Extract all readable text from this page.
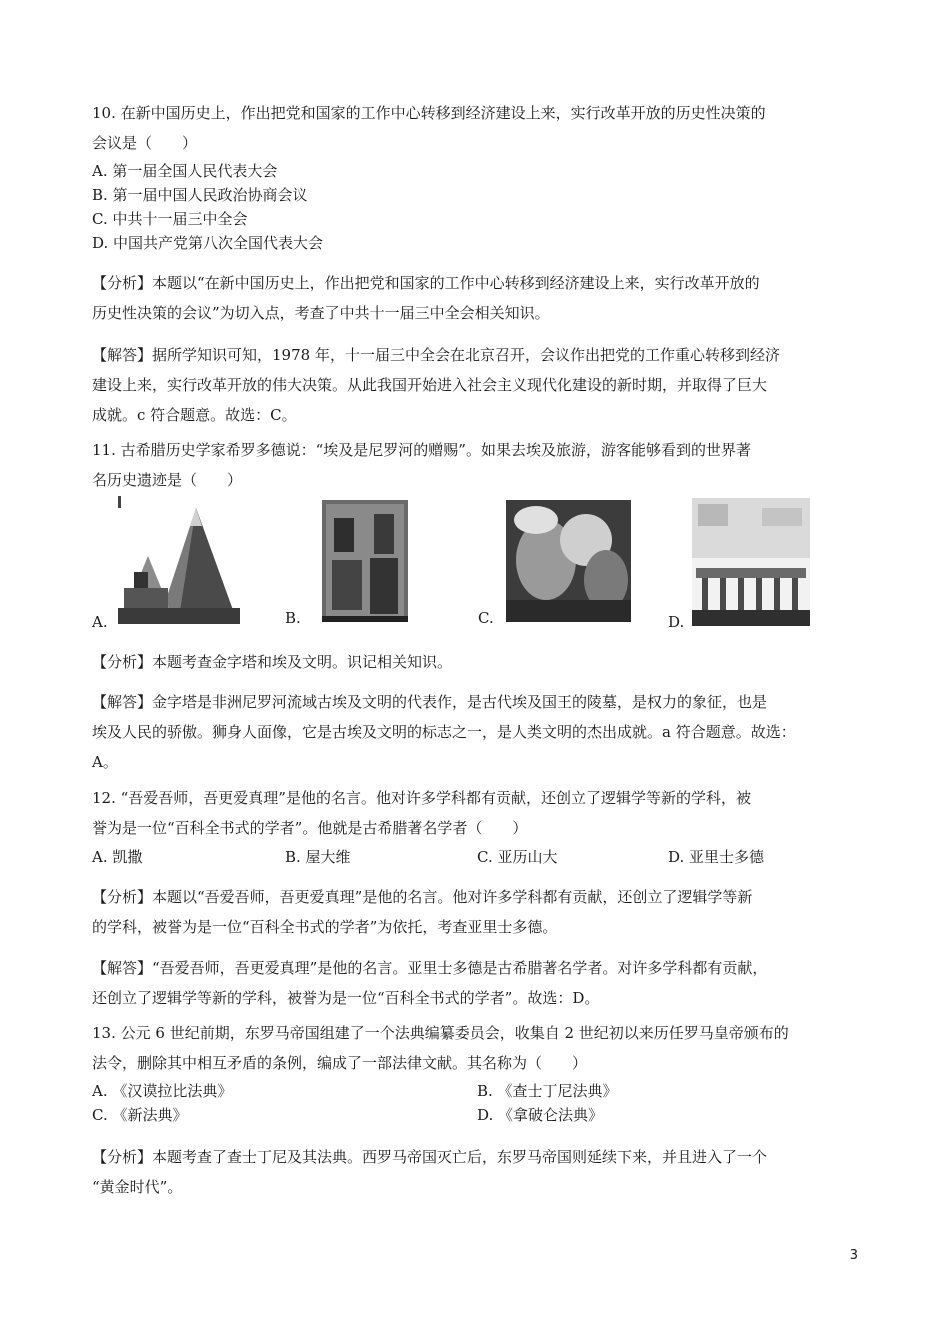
10. 在新中国历史上，作出把党和国家的工作中心转移到经济建设上来，实行改革开放的历史性决策的
会议是（　　）
A. 第一届全国人民代表大会
B. 第一届中国人民政治协商会议
C. 中共十一届三中全会
D. 中国共产党第八次全国代表大会
【分析】本题以“在新中国历史上，作出把党和国家的工作中心转移到经济建设上来，实行改革开放的
历史性决策的会议”为切入点，考查了中共十一届三中全会相关知识。
【解答】据所学知识可知，1978 年，十一届三中全会在北京召开，会议作出把党的工作重心转移到经济
建设上来，实行改革开放的伟大决策。从此我国开始进入社会主义现代化建设的新时期，并取得了巨大
成就。c 符合题意。故选：C。
11. 古希腊历史学家希罗多德说：“埃及是尼罗河的赠赐”。如果去埃及旅游，游客能够看到的世界著
名历史遗迹是（　　）
A.	B.	C.	D.
【分析】本题考查金字塔和埃及文明。识记相关知识。
【解答】金字塔是非洲尼罗河流域古埃及文明的代表作，是古代埃及国王的陵墓，是权力的象征，也是
埃及人民的骄傲。狮身人面像，它是古埃及文明的标志之一，是人类文明的杰出成就。a 符合题意。故选：
A。
12. “吾爱吾师，吾更爱真理”是他的名言。他对许多学科都有贡献，还创立了逻辑学等新的学科，被
誉为是一位“百科全书式的学者”。他就是古希腊著名学者（　　）
A. 凯撒	B. 屋大维	C. 亚历山大	D. 亚里士多德
【分析】本题以“吾爱吾师，吾更爱真理”是他的名言。他对许多学科都有贡献，还创立了逻辑学等新
的学科，被誉为是一位“百科全书式的学者”为依托，考查亚里士多德。
【解答】“吾爱吾师，吾更爱真理”是他的名言。亚里士多德是古希腊著名学者。对许多学科都有贡献，
还创立了逻辑学等新的学科，被誉为是一位“百科全书式的学者”。故选：D。
13. 公元 6 世纪前期，东罗马帝国组建了一个法典编纂委员会，收集自 2 世纪初以来历任罗马皇帝颁布的
法令，删除其中相互矛盾的条例，编成了一部法律文献。其名称为（　　）
A. 《汉谟拉比法典》	B. 《查士丁尼法典》
C. 《新法典》	D. 《拿破仑法典》
【分析】本题考查了查士丁尼及其法典。西罗马帝国灭亡后，东罗马帝国则延续下来，并且进入了一个
“黄金时代”。
3
